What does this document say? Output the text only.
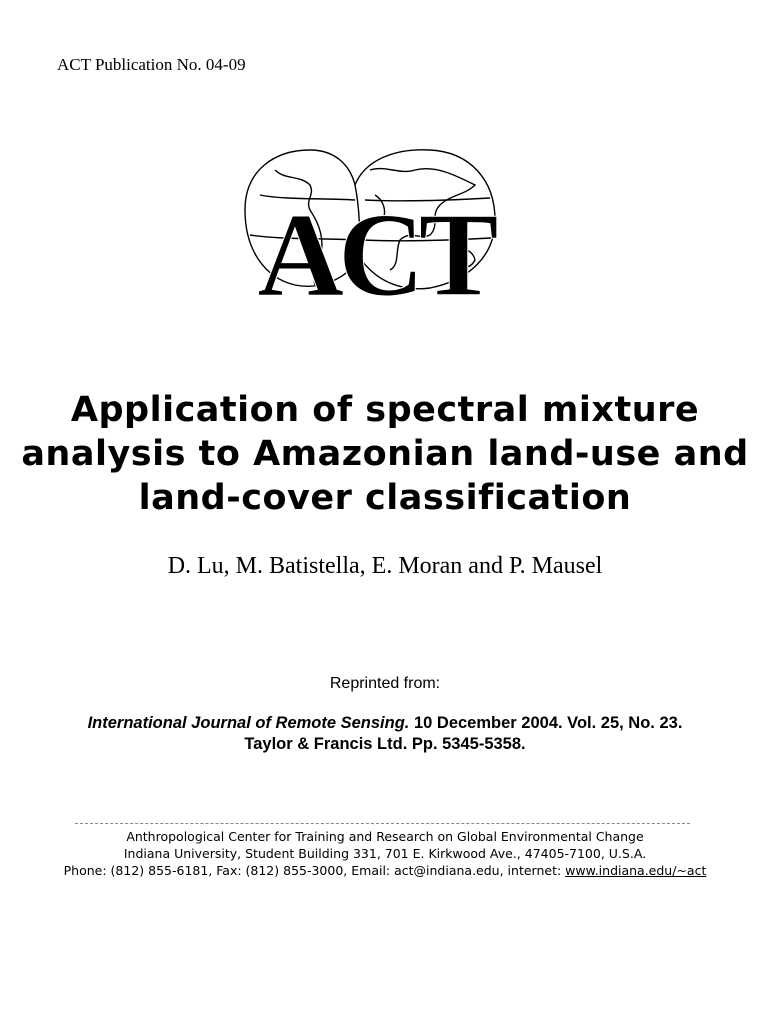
ACT Publication No. 04-09
ACT
Application of spectral mixture
analysis to Amazonian land-use and
land-cover classification
D. Lu, M. Batistella, E. Moran and P. Mausel
Reprinted from:
International Journal of Remote Sensing. 10 December 2004. Vol. 25, No. 23.
Taylor & Francis Ltd. Pp. 5345-5358.
Anthropological Center for Training and Research on Global Environmental Change
Indiana University, Student Building 331, 701 E. Kirkwood Ave., 47405-7100, U.S.A.
Phone: (812) 855-6181, Fax: (812) 855-3000, Email: act@indiana.edu, internet: www.indiana.edu/~act
